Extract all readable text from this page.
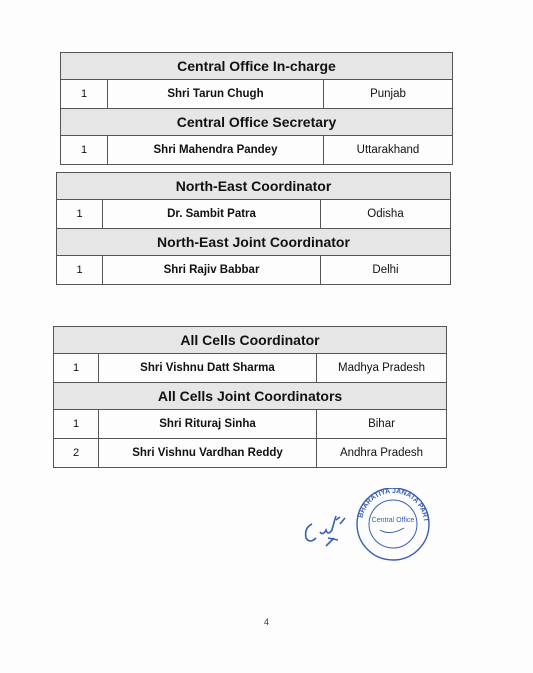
Central Office In-charge		
1	Shri Tarun Chugh	Punjab
Central Office Secretary		
1	Shri Mahendra Pandey	Uttarakhand
North-East Coordinator		
1	Dr. Sambit Patra	Odisha
North-East Joint Coordinator		
1	Shri Rajiv Babbar	Delhi
All Cells Coordinator		
1	Shri Vishnu Datt Sharma	Madhya Pradesh
All Cells Joint Coordinators		
1	Shri Rituraj Sinha	Bihar
2	Shri Vishnu Vardhan Reddy	Andhra Pradesh
BHARATIYA JANATA PART
Central Office
4
